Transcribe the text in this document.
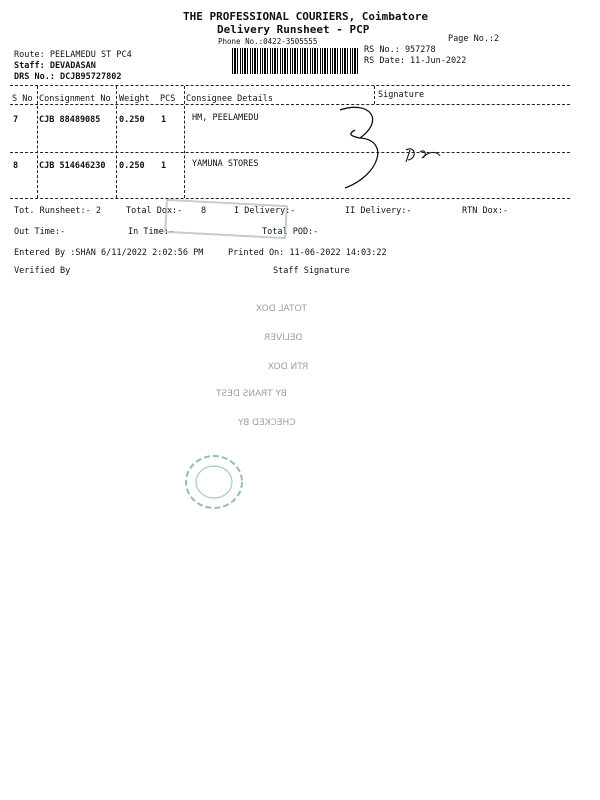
THE PROFESSIONAL COURIERS, Coimbatore
Delivery Runsheet - PCP
Phone No.:0422-3505555	Page No.:2
Route: PEELAMEDU ST PC4
Staff: DEVADASAN
DRS No.: DCJB95727802
RS No.: 957278
RS Date: 11-Jun-2022
S No Consignment No Weight PCS Consignee Details	Signature
7 CJB 88489085 0.250 1	HM, PEELAMEDU
8 CJB 514646230 0.250 1	YAMUNA STORES
Tot. Runsheet:- 2	Total Dox:- 8	I Delivery:-	II Delivery:-	RTN Dox:-
Out Time:-	In Time:-	Total POD:-
Entered By :SHAN 6/11/2022 2:02:56 PM	Printed On: 11-06-2022 14:03:22
Verified By	Staff Signature
TOTAL DOX
DELIVER
RTN DOX
BY TRANS DEST
CHECKED BY
